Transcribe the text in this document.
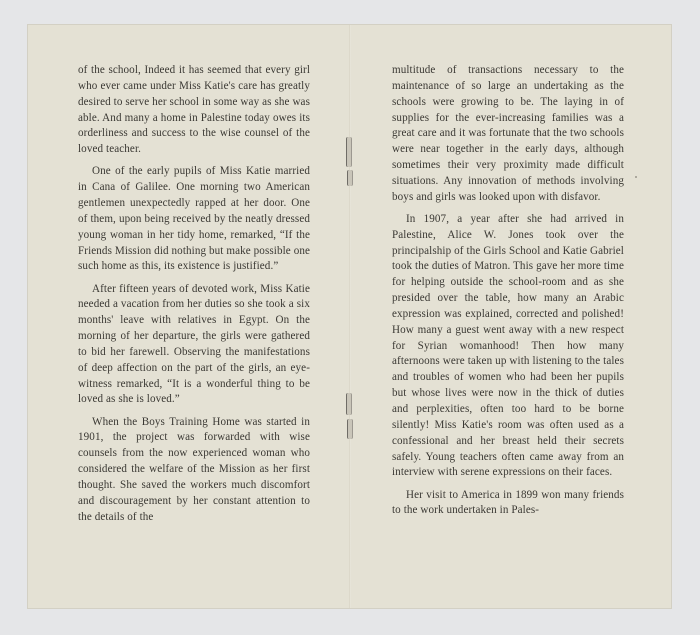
of the school, Indeed it has seemed that every girl who ever came under Miss Katie's care has greatly desired to serve her school in some way as she was able. And many a home in Palestine today owes its orderliness and success to the wise counsel of the loved teacher.

One of the early pupils of Miss Katie married in Cana of Galilee. One morning two American gentlemen unexpectedly rapped at her door. One of them, upon being received by the neatly dressed young woman in her tidy home, remarked, “If the Friends Mission did nothing but make possible one such home as this, its existence is justified.”

After fifteen years of devoted work, Miss Katie needed a vacation from her duties so she took a six months' leave with relatives in Egypt. On the morning of her departure, the girls were gathered to bid her farewell. Observing the manifestations of deep affection on the part of the girls, an eye-witness remarked, “It is a wonderful thing to be loved as she is loved.”

When the Boys Training Home was started in 1901, the project was forwarded with wise counsels from the now experienced woman who considered the welfare of the Mission as her first thought. She saved the workers much discomfort and discouragement by her constant attention to the details of the

multitude of transactions necessary to the maintenance of so large an undertaking as the schools were growing to be. The laying in of supplies for the ever-increasing families was a great care and it was fortunate that the two schools were near together in the early days, although sometimes their very proximity made difficult situations. Any innovation of methods involving boys and girls was looked upon with disfavor.

In 1907, a year after she had arrived in Palestine, Alice W. Jones took over the principalship of the Girls School and Katie Gabriel took the duties of Matron. This gave her more time for helping outside the school-room and as she presided over the table, how many an Arabic expression was explained, corrected and polished! How many a guest went away with a new respect for Syrian womanhood! Then how many afternoons were taken up with listening to the tales and troubles of women who had been her pupils but whose lives were now in the thick of duties and perplexities, often too hard to be borne silently! Miss Katie's room was often used as a confessional and her breast held their secrets safely. Young teachers often came away from an interview with serene expressions on their faces.

Her visit to America in 1899 won many friends to the work undertaken in Pales-
